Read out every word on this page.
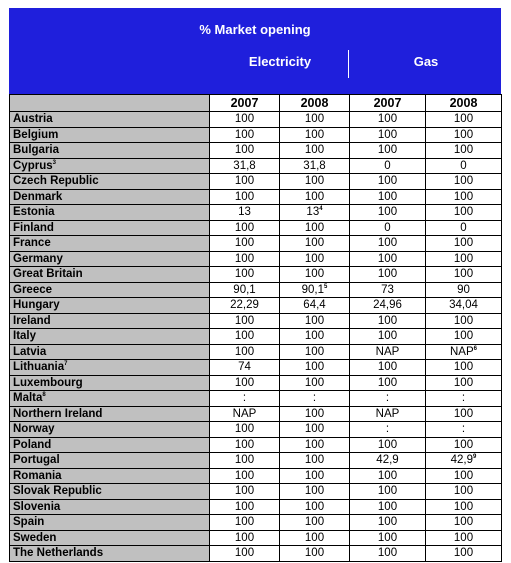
% Market opening
Electricity	Gas
	2007	2008	2007	2008
Austria	100	100	100	100
Belgium	100	100	100	100
Bulgaria	100	100	100	100
Cyprus$^3$	31,8	31,8	0	0
Czech Republic	100	100	100	100
Denmark	100	100	100	100
Estonia	13	$13^4$	100	100
Finland	100	100	0	0
France	100	100	100	100
Germany	100	100	100	100
Great Britain	100	100	100	100
Greece	90,1	90,1$^5$	73	90
Hungary	22,29	64,4	24,96	34,04
Ireland	100	100	100	100
Italy	100	100	100	100
Latvia	100	100	NAP	NAP$^6$
Lithuania$^7$	74	100	100	100
Luxembourg	100	100	100	100
Malta$^8$	:	:	:	:
Northern Ireland	NAP	100	NAP	100
Norway	100	100	:	:
Poland	100	100	100	100
Portugal	100	100	42,9	42,9$^9$
Romania	100	100	100	100
Slovak Republic	100	100	100	100
Slovenia	100	100	100	100
Spain	100	100	100	100
Sweden	100	100	100	100
The Netherlands	100	100	100	100
